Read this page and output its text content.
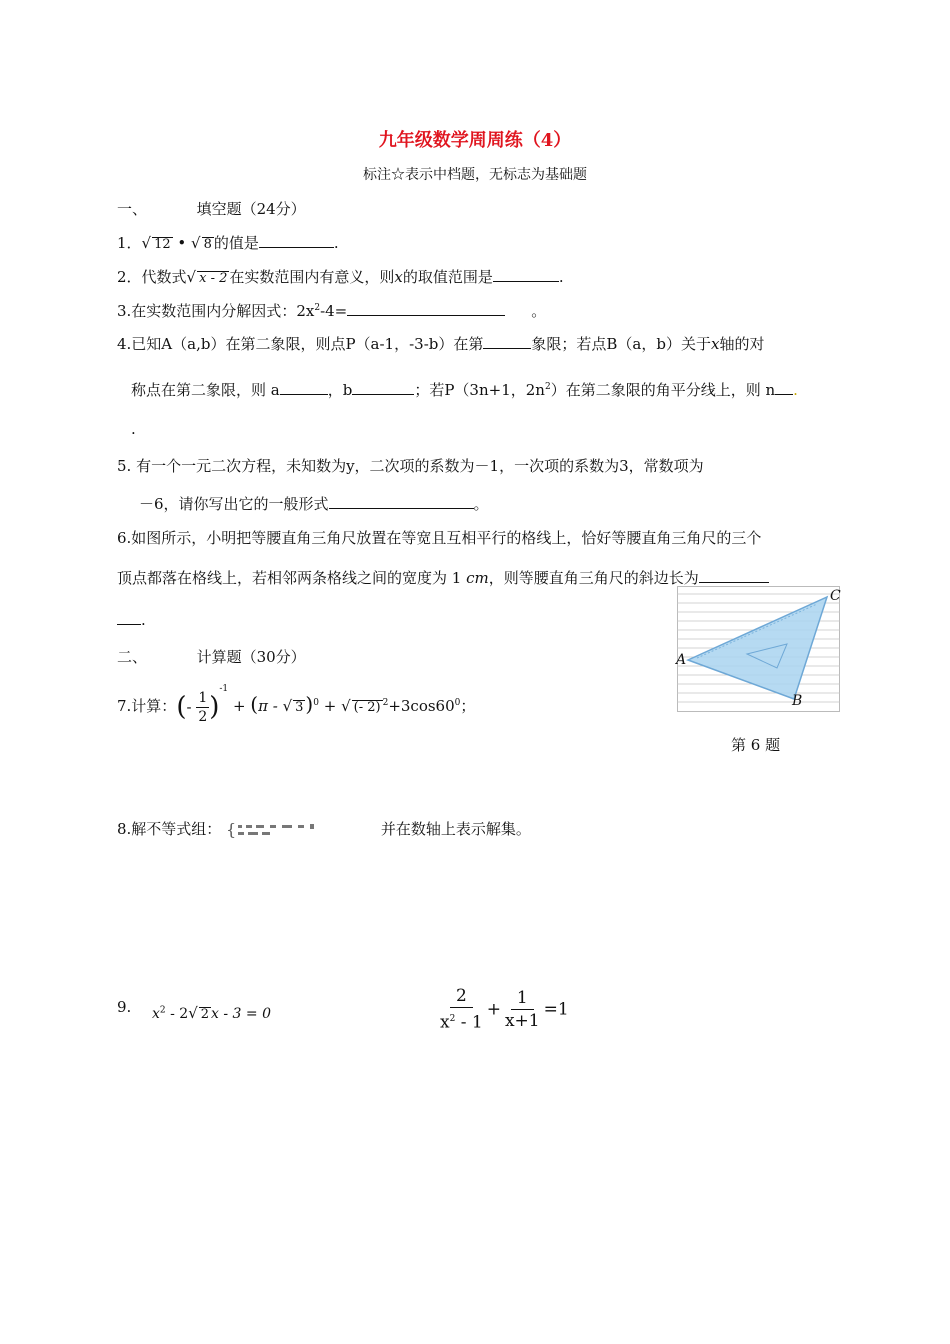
九年级数学周周练（4）
标注☆表示中档题，无标志为基础题
一、	填空题（24分）
1．√ 12 • √ 8 的值是	.
2．代数式√ x - 2 在实数范围内有意义，则x的取值范围是	.
3.在实数范围内分解因式：$2x^2-4=$	。
4.已知A（a,b）在第二象限，则点P（a-1，-3-b）在第	象限；若点B（a，b）关于x轴的对
称点在第二象限，则 a	，b	；若P（3n+1，$2n^2$）在第二象限的角平分线上，则 n .
.
5. 有一个一元二次方程，未知数为y，二次项的系数为－1，一次项的系数为3，常数项为
－6，请你写出它的一般形式	。
6.如图所示，小明把等腰直角三角尺放置在等宽且互相平行的格线上，恰好等腰直角三角尺的三个
顶点都落在格线上，若相邻两条格线之间的宽度为 1 cm，则等腰直角三角尺的斜边长为
.
A
B
C
第 6 题
二、	计算题（30分）
7.计算：(- $\frac{1}{2} )^{-1} + (\pi$ - √ 3 )$^0$ + √ (- 2) $^2+3\cos 60^0$；
8.解不等式组： {	并在数轴上表示解集。
9. $x^2 - 2√$ 2 x - 3 = 0	$\frac{2}{x^2 - 1} + \frac{1}{x+1} =1$
